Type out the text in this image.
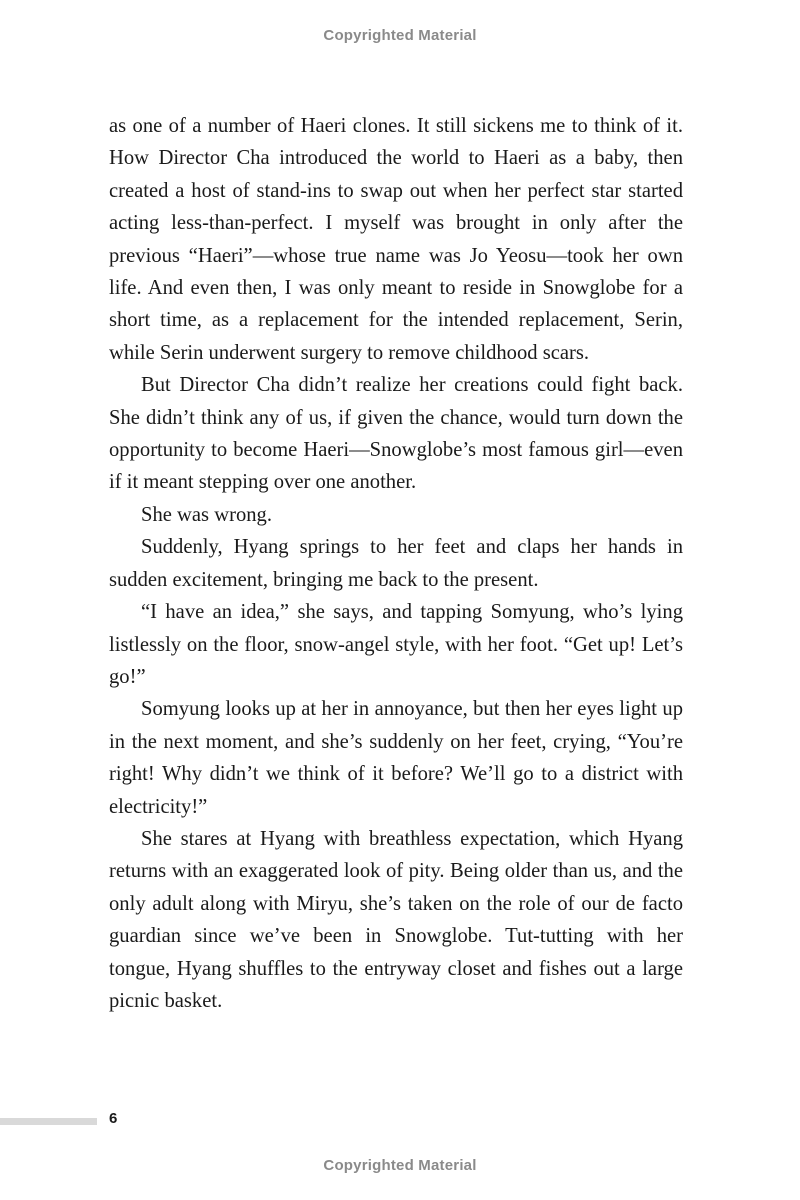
Copyrighted Material

as one of a number of Haeri clones. It still sickens me to think of it. How Director Cha introduced the world to Haeri as a baby, then created a host of stand-ins to swap out when her perfect star started acting less-than-perfect. I myself was brought in only after the previous “Haeri”—whose true name was Jo Yeosu—took her own life. And even then, I was only meant to reside in Snowglobe for a short time, as a replacement for the intended replacement, Serin, while Serin underwent surgery to remove childhood scars.

But Director Cha didn’t realize her creations could fight back. She didn’t think any of us, if given the chance, would turn down the opportunity to become Haeri—Snowglobe’s most famous girl—even if it meant stepping over one another.

She was wrong.

Suddenly, Hyang springs to her feet and claps her hands in sudden excitement, bringing me back to the present.

“I have an idea,” she says, and tapping Somyung, who’s lying listlessly on the floor, snow-angel style, with her foot. “Get up! Let’s go!”

Somyung looks up at her in annoyance, but then her eyes light up in the next moment, and she’s suddenly on her feet, crying, “You’re right! Why didn’t we think of it before? We’ll go to a district with electricity!”

She stares at Hyang with breathless expectation, which Hyang returns with an exaggerated look of pity. Being older than us, and the only adult along with Miryu, she’s taken on the role of our de facto guardian since we’ve been in Snowglobe. Tut-tutting with her tongue, Hyang shuffles to the entryway closet and fishes out a large picnic basket.

6
Copyrighted Material
